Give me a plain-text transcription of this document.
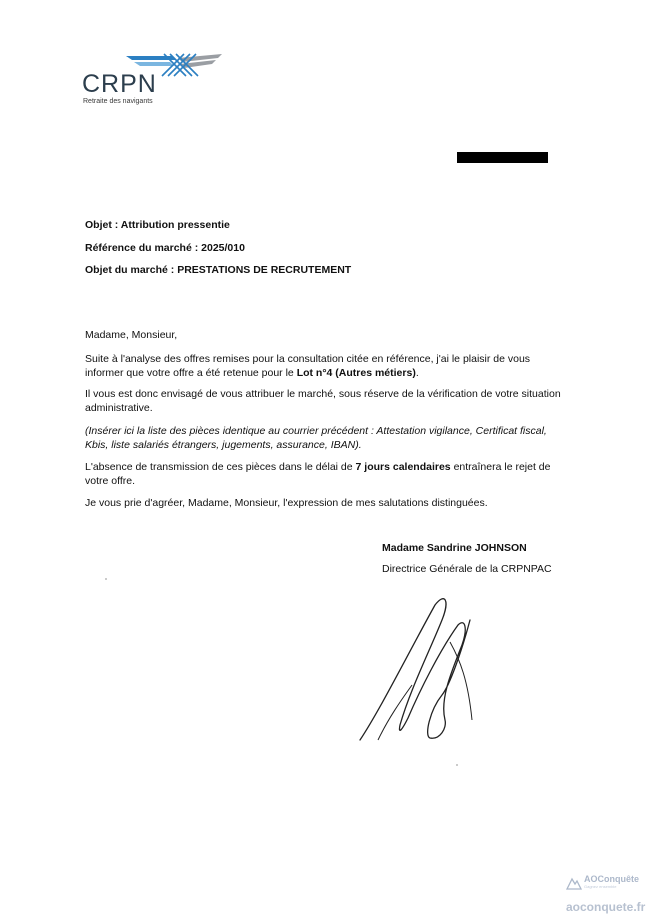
CRPN
Retraite des navigants
Objet : Attribution pressentie
Référence du marché : 2025/010
Objet du marché : PRESTATIONS DE RECRUTEMENT
Madame, Monsieur,
Suite à l'analyse des offres remises pour la consultation citée en référence, j'ai le plaisir de vous informer que votre offre a été retenue pour le Lot n°4 (Autres métiers).
Il vous est donc envisagé de vous attribuer le marché, sous réserve de la vérification de votre situation administrative.
(Insérer ici la liste des pièces identique au courrier précédent : Attestation vigilance, Certificat fiscal, Kbis, liste salariés étrangers, jugements, assurance, IBAN).
L'absence de transmission de ces pièces dans le délai de 7 jours calendaires entraînera le rejet de votre offre.
Je vous prie d'agréer, Madame, Monsieur, l'expression de mes salutations distinguées.
Madame Sandrine JOHNSON
Directrice Générale de la CRPNPAC
AOConquête
Gagnez ensemble
aoconquete.fr
